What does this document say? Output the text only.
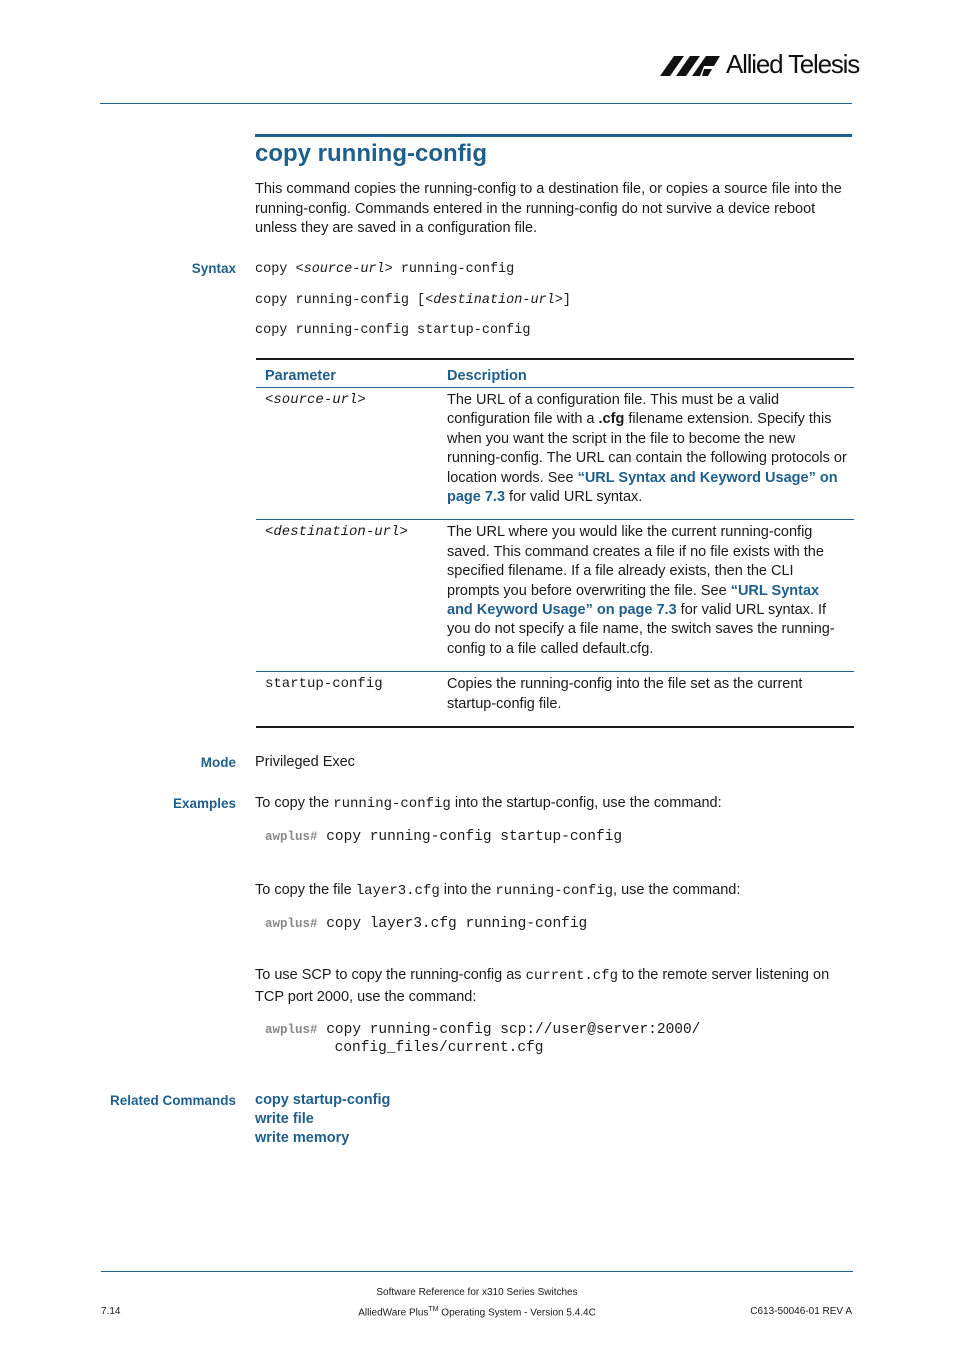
Allied Telesis
copy running-config
This command copies the running-config to a destination file, or copies a source file into the running-config. Commands entered in the running-config do not survive a device reboot unless they are saved in a configuration file.
Syntax copy <source-url> running-config
copy running-config [<destination-url>]
copy running-config startup-config
Parameter	Description
<source-url>	The URL of a configuration file. This must be a valid configuration file with a .cfg filename extension. Specify this when you want the script in the file to become the new running-config. The URL can contain the following protocols or location words. See “URL Syntax and Keyword Usage” on page 7.3 for valid URL syntax.
<destination-url>	The URL where you would like the current running-config saved. This command creates a file if no file exists with the specified filename. If a file already exists, then the CLI prompts you before overwriting the file. See “URL Syntax and Keyword Usage” on page 7.3 for valid URL syntax. If you do not specify a file name, the switch saves the running-config to a file called default.cfg.
startup-config	Copies the running-config into the file set as the current startup-config file.
Mode Privileged Exec
Examples To copy the running-config into the startup-config, use the command:
awplus# copy running-config startup-config
To copy the file layer3.cfg into the running-config, use the command:
awplus# copy layer3.cfg running-config
To use SCP to copy the running-config as current.cfg to the remote server listening on TCP port 2000, use the command:
awplus# copy running-config scp://user@server:2000/
config_files/current.cfg
Related Commands copy startup-config
write file
write memory
Software Reference for x310 Series Switches
7.14	AlliedWare Plus™ Operating System - Version 5.4.4C	C613-50046-01 REV A
